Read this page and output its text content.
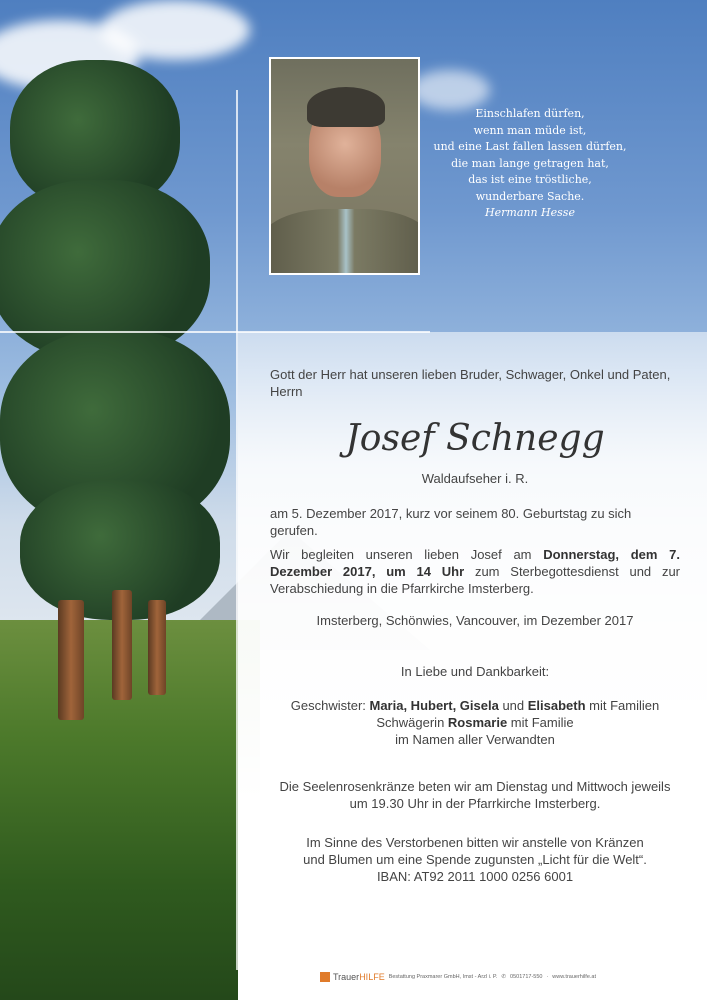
Einschlafen dürfen,
wenn man müde ist,
und eine Last fallen lassen dürfen,
die man lange getragen hat,
das ist eine tröstliche,
wunderbare Sache.
Hermann Hesse
Gott der Herr hat unseren lieben Bruder, Schwager, Onkel und Paten, Herrn
Josef Schnegg
Waldaufseher i. R.
am 5. Dezember 2017, kurz vor seinem 80. Geburtstag zu sich gerufen.
Wir begleiten unseren lieben Josef am Donnerstag, dem 7. Dezember 2017, um 14 Uhr zum Sterbegottesdienst und zur Verabschiedung in die Pfarrkirche Imsterberg.
Imsterberg, Schönwies, Vancouver, im Dezember 2017
In Liebe und Dankbarkeit:
Geschwister: Maria, Hubert, Gisela und Elisabeth mit Familien
Schwägerin Rosmarie mit Familie
im Namen aller Verwandten
Die Seelenrosenkränze beten wir am Dienstag und Mittwoch jeweils
um 19.30 Uhr in der Pfarrkirche Imsterberg.
Im Sinne des Verstorbenen bitten wir anstelle von Kränzen
und Blumen um eine Spende zugunsten „Licht für die Welt“.
IBAN: AT92 2011 1000 0256 6001
TrauerHILFE Bestattung Praxmarer GmbH, Imst - Arzl i. P. ✆ 0501717-550 · www.trauerhilfe.at
